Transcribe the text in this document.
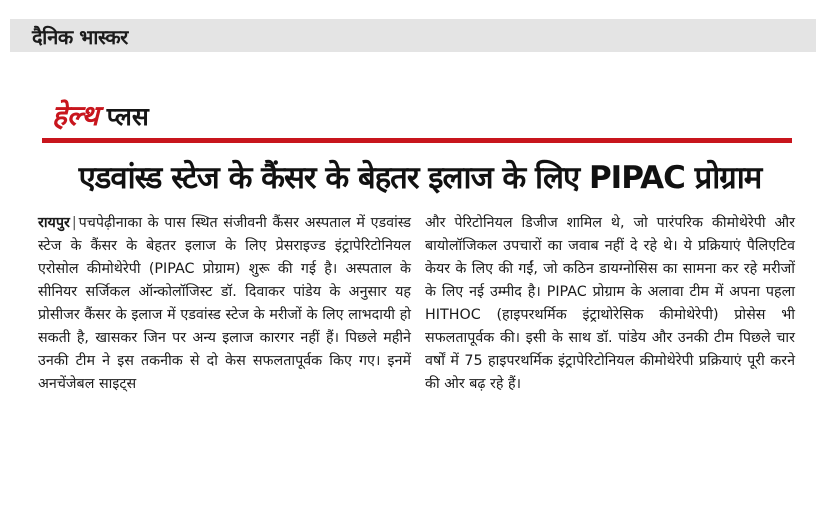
दैनिक भास्कर
हेल्थ प्लस
एडवांस्ड स्टेज के कैंसर के बेहतर इलाज के लिए PIPAC प्रोग्राम
रायपुर | पचपेढ़ीनाका के पास स्थित संजीवनी कैंसर अस्पताल में एडवांस्ड स्टेज के कैंसर के बेहतर इलाज के लिए प्रेसराइज्ड इंट्रापेरिटोनियल एरोसोल कीमोथेरेपी (PIPAC प्रोग्राम) शुरू की गई है। अस्पताल के सीनियर सर्जिकल ऑन्कोलॉजिस्ट डॉ. दिवाकर पांडेय के अनुसार यह प्रोसीजर कैंसर के इलाज में एडवांस्ड स्टेज के मरीजों के लिए लाभदायी हो सकती है, खासकर जिन पर अन्य इलाज कारगर नहीं हैं। पिछले महीने उनकी टीम ने इस तकनीक से दो केस सफलतापूर्वक किए गए। इनमें अनचेंजेबल साइट्स
और पेरिटोनियल डिजीज शामिल थे, जो पारंपरिक कीमोथेरेपी और बायोलॉजिकल उपचारों का जवाब नहीं दे रहे थे। ये प्रक्रियाएं पैलिएटिव केयर के लिए की गईं, जो कठिन डायग्नोसिस का सामना कर रहे मरीजों के लिए नई उम्मीद है। PIPAC प्रोग्राम के अलावा टीम में अपना पहला HITHOC (हाइपरथर्मिक इंट्राथोरेसिक कीमोथेरेपी) प्रोसेस भी सफलतापूर्वक की। इसी के साथ डॉ. पांडेय और उनकी टीम पिछले चार वर्षों में 75 हाइपरथर्मिक इंट्रापेरिटोनियल कीमोथेरेपी प्रक्रियाएं पूरी करने की ओर बढ़ रहे हैं।
